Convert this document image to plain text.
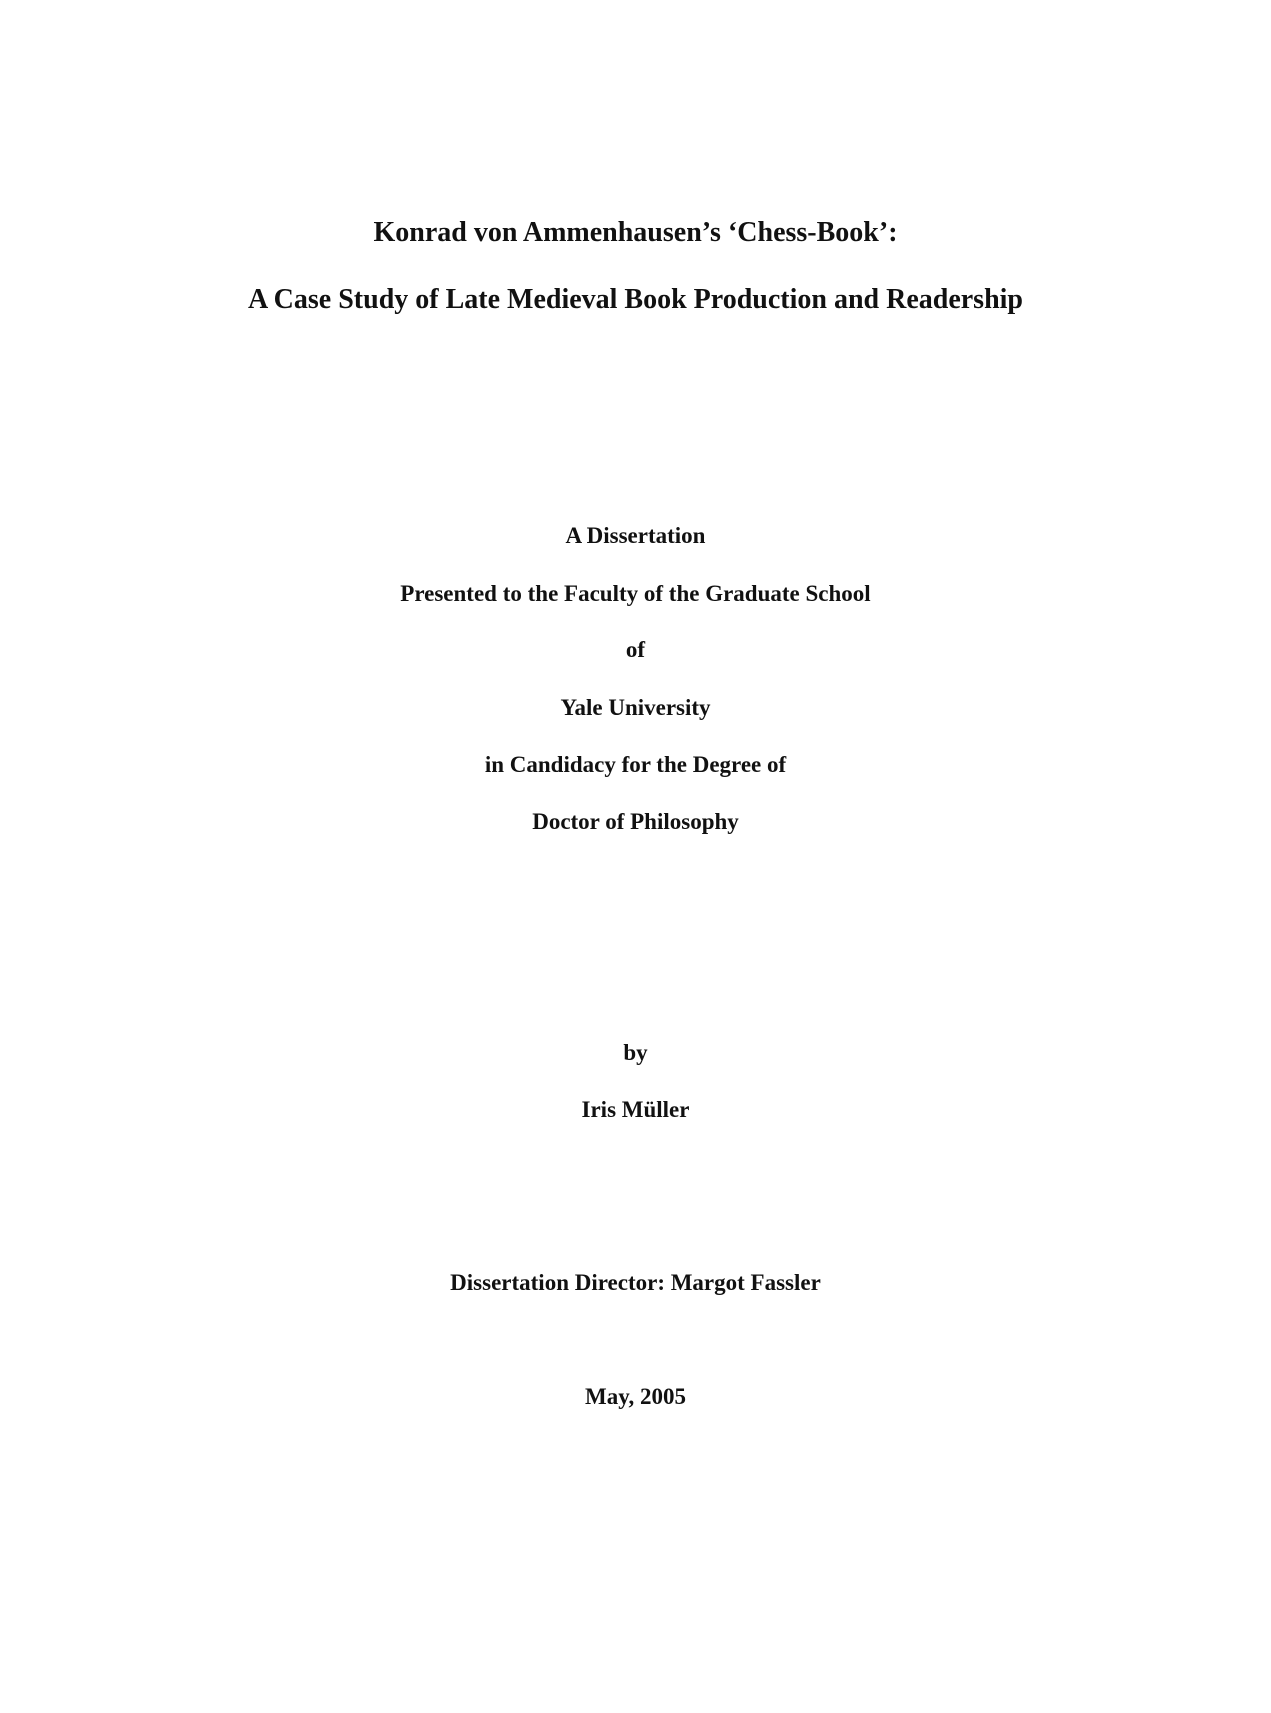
Konrad von Ammenhausen’s ‘Chess-Book’:
A Case Study of Late Medieval Book Production and Readership
A Dissertation
Presented to the Faculty of the Graduate School
of
Yale University
in Candidacy for the Degree of
Doctor of Philosophy
by
Iris Müller
Dissertation Director: Margot Fassler
May, 2005
